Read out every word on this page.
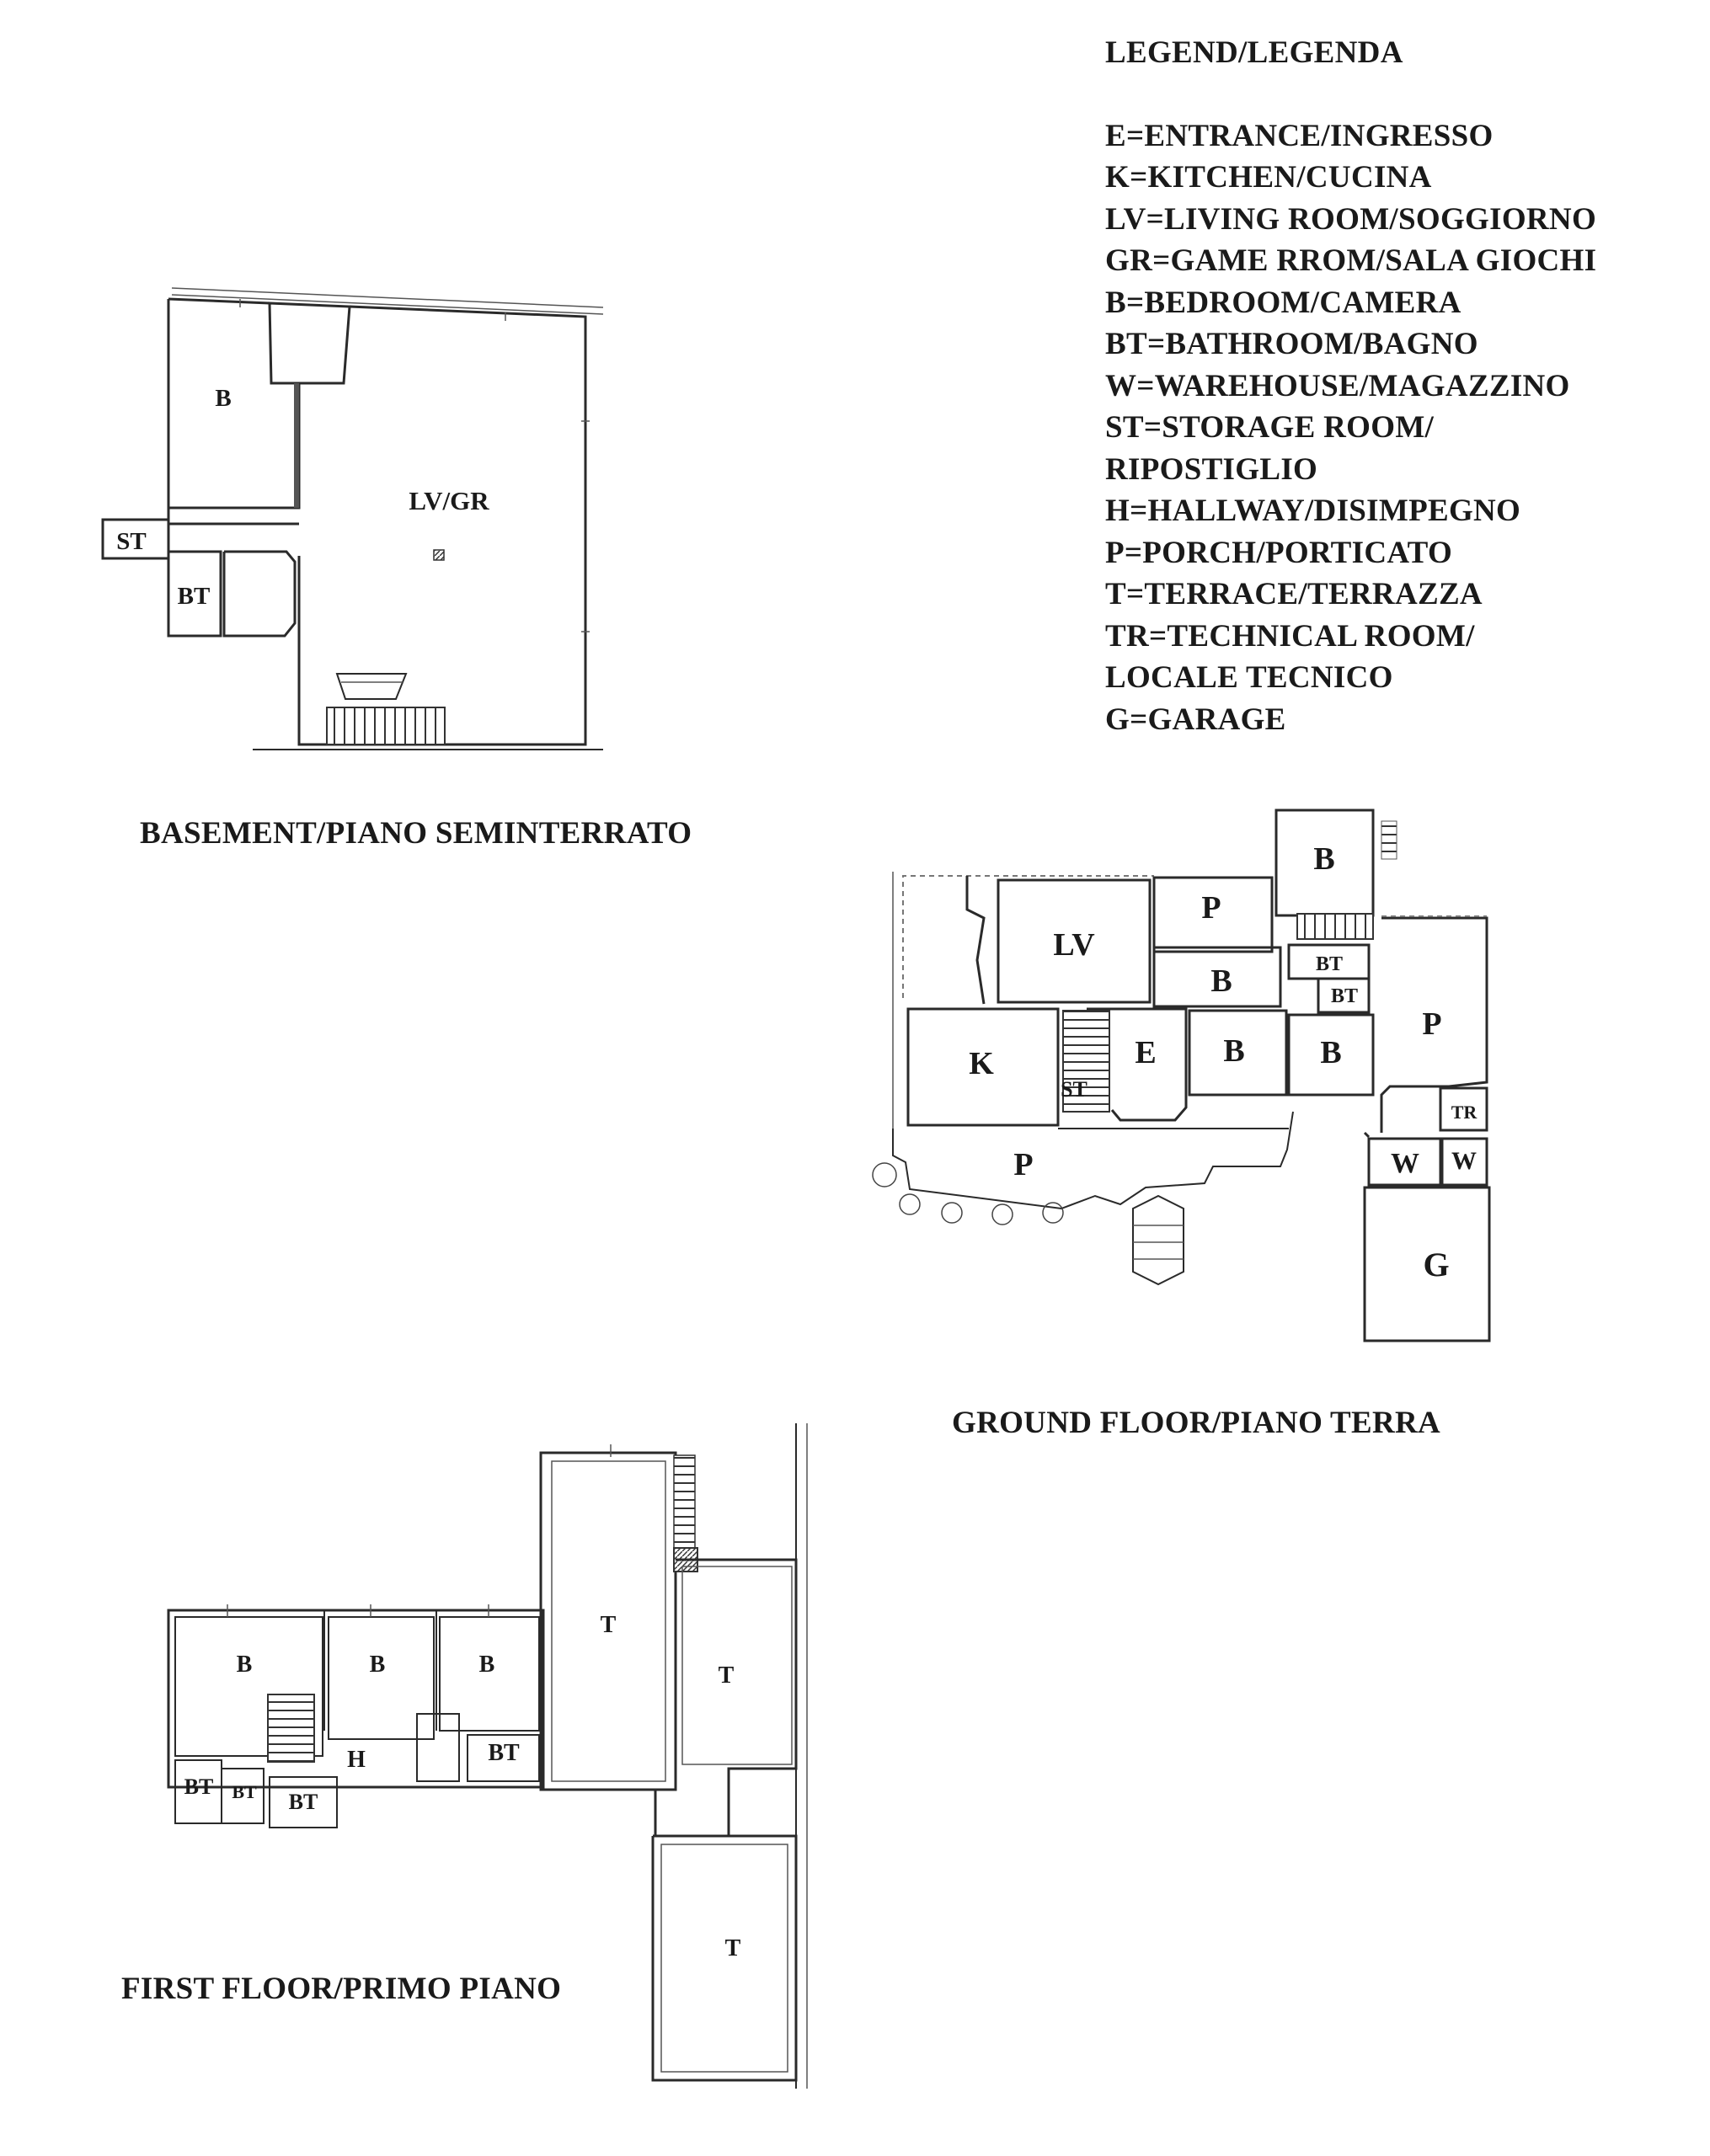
LEGEND/LEGENDA
E=ENTRANCE/INGRESSO
K=KITCHEN/CUCINA
LV=LIVING ROOM/SOGGIORNO
GR=GAME RROM/SALA GIOCHI
B=BEDROOM/CAMERA
BT=BATHROOM/BAGNO
W=WAREHOUSE/MAGAZZINO
ST=STORAGE ROOM/
RIPOSTIGLIO
H=HALLWAY/DISIMPEGNO
P=PORCH/PORTICATO
T=TERRACE/TERRAZZA
TR=TECHNICAL ROOM/
LOCALE TECNICO
G=GARAGE
BASEMENT/PIANO SEMINTERRATO
GROUND FLOOR/PIANO TERRA
FIRST FLOOR/PRIMO PIANO
B
LV/GR
ST
BT
LV
K	E
ST
B
P
B
B
BT
BT
B
P
TR
W W
P
G
T
T
T
B	B	B
H	BT
BT BT BT
